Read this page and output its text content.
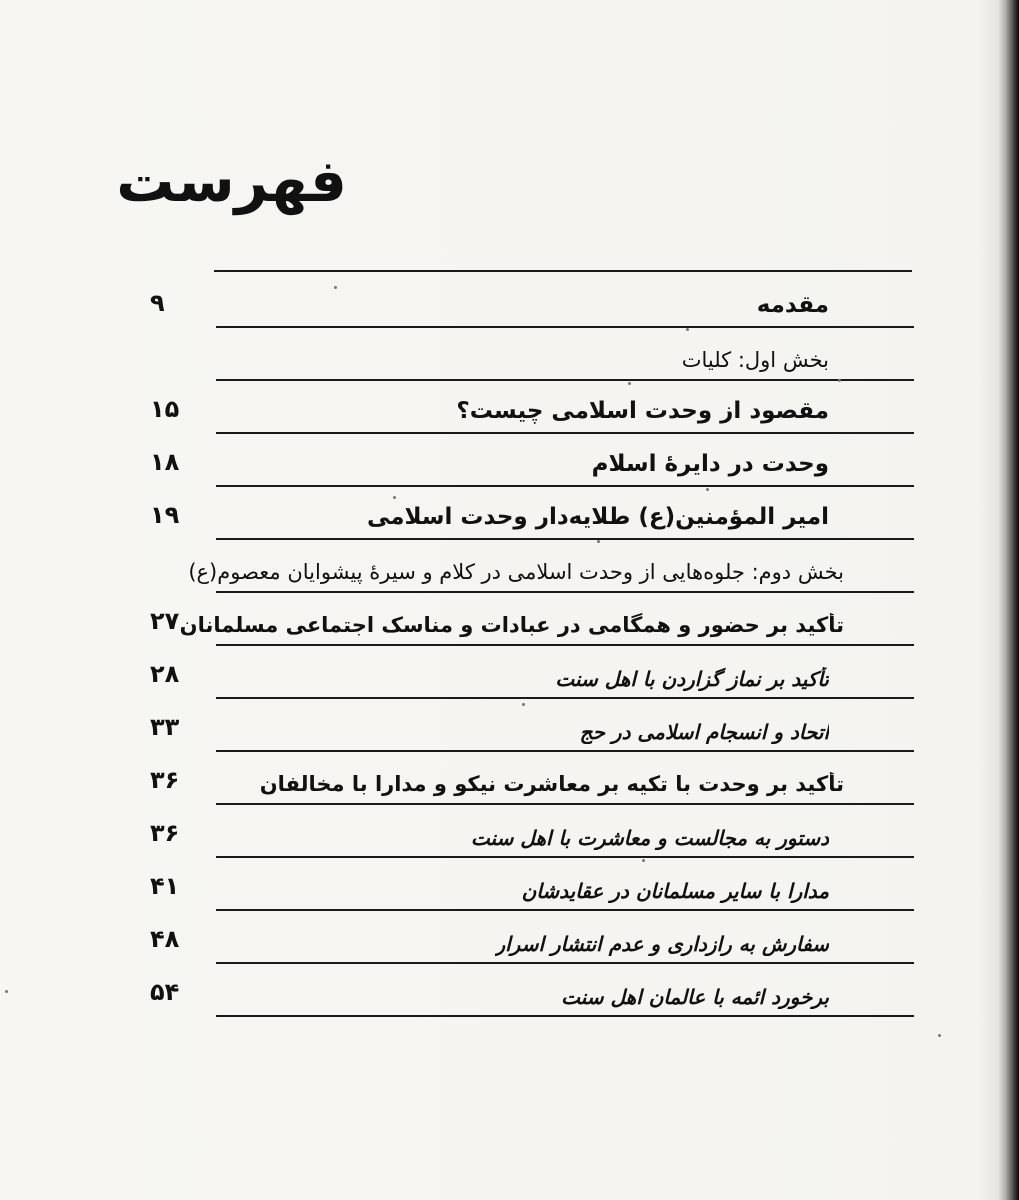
فهرست
مقدمه
۹
بخش اول: کلیات
مقصود از وحدت اسلامی چیست؟
۱۵
وحدت در دایرۀ اسلام
۱۸
امیر المؤمنین(ع) طلایه‌دار وحدت اسلامی
۱۹
بخش دوم: جلوه‌هایی از وحدت اسلامی در کلام و سیرۀ پیشوایان معصوم(ع)
تأکید بر حضور و همگامی در عبادات و مناسک اجتماعی مسلمانان
۲۷
تأکید بر نماز گزاردن با اهل سنت
۲۸
اتحاد و انسجام اسلامی در حج
۳۳
تأکید بر وحدت با تکیه بر معاشرت نیکو و مدارا با مخالفان
۳۶
دستور به مجالست و معاشرت با اهل سنت
۳۶
مدارا با سایر مسلمانان در عقایدشان
۴۱
سفارش به رازداری و عدم انتشار اسرار
۴۸
برخورد ائمه با عالمان اهل سنت
۵۴
